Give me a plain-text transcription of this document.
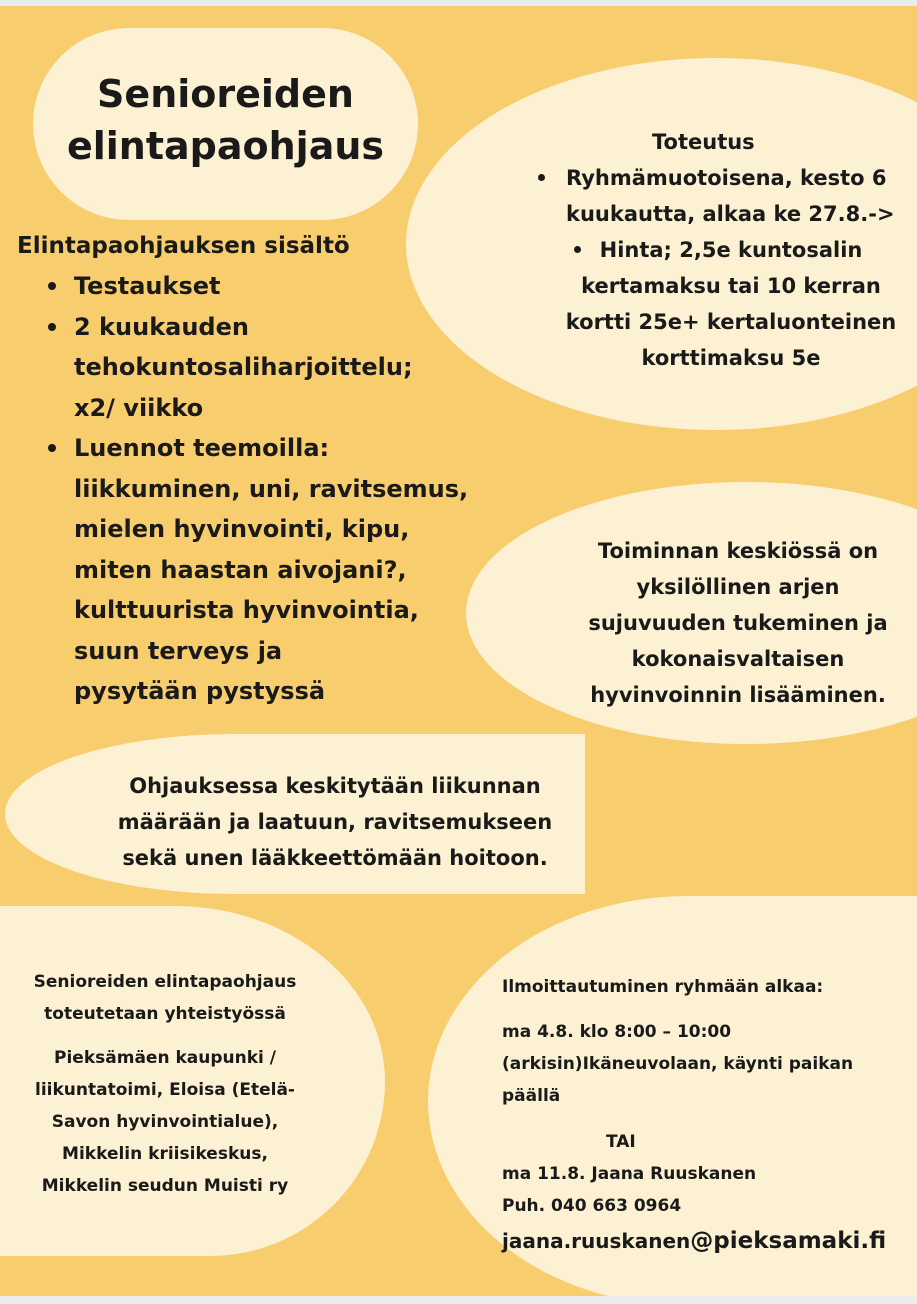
Senioreiden
elintapaohjaus
Elintapaohjauksen sisältö
Testaukset
2 kuukauden
tehokuntosaliharjoittelu;
x2/ viikko
Luennot teemoilla:
liikkuminen, uni, ravitsemus,
mielen hyvinvointi, kipu,
miten haastan aivojani?,
kulttuurista hyvinvointia,
suun terveys ja
pysytään pystyssä
Toteutus
Ryhmämuotoisena, kesto 6
kuukautta, alkaa ke 27.8.->
Hinta; 2,5e kuntosalin
kertamaksu tai 10 kerran
kortti 25e+ kertaluonteinen
korttimaksu 5e
Toiminnan keskiössä on
yksilöllinen arjen
sujuvuuden tukeminen ja
kokonaisvaltaisen
hyvinvoinnin lisääminen.
Ohjauksessa keskitytään liikunnan
määrään ja laatuun, ravitsemukseen
sekä unen lääkkeettömään hoitoon.
Senioreiden elintapaohjaus
toteutetaan yhteistyössä
Pieksämäen kaupunki /
liikuntatoimi, Eloisa (Etelä-
Savon hyvinvointialue),
Mikkelin kriisikeskus,
Mikkelin seudun Muisti ry
Ilmoittautuminen ryhmään alkaa:
ma 4.8. klo 8:00 – 10:00
(arkisin)Ikäneuvolaan, käynti paikan
päällä
TAI
ma 11.8. Jaana Ruuskanen
Puh. 040 663 0964
jaana.ruuskanen@pieksamaki.fi
